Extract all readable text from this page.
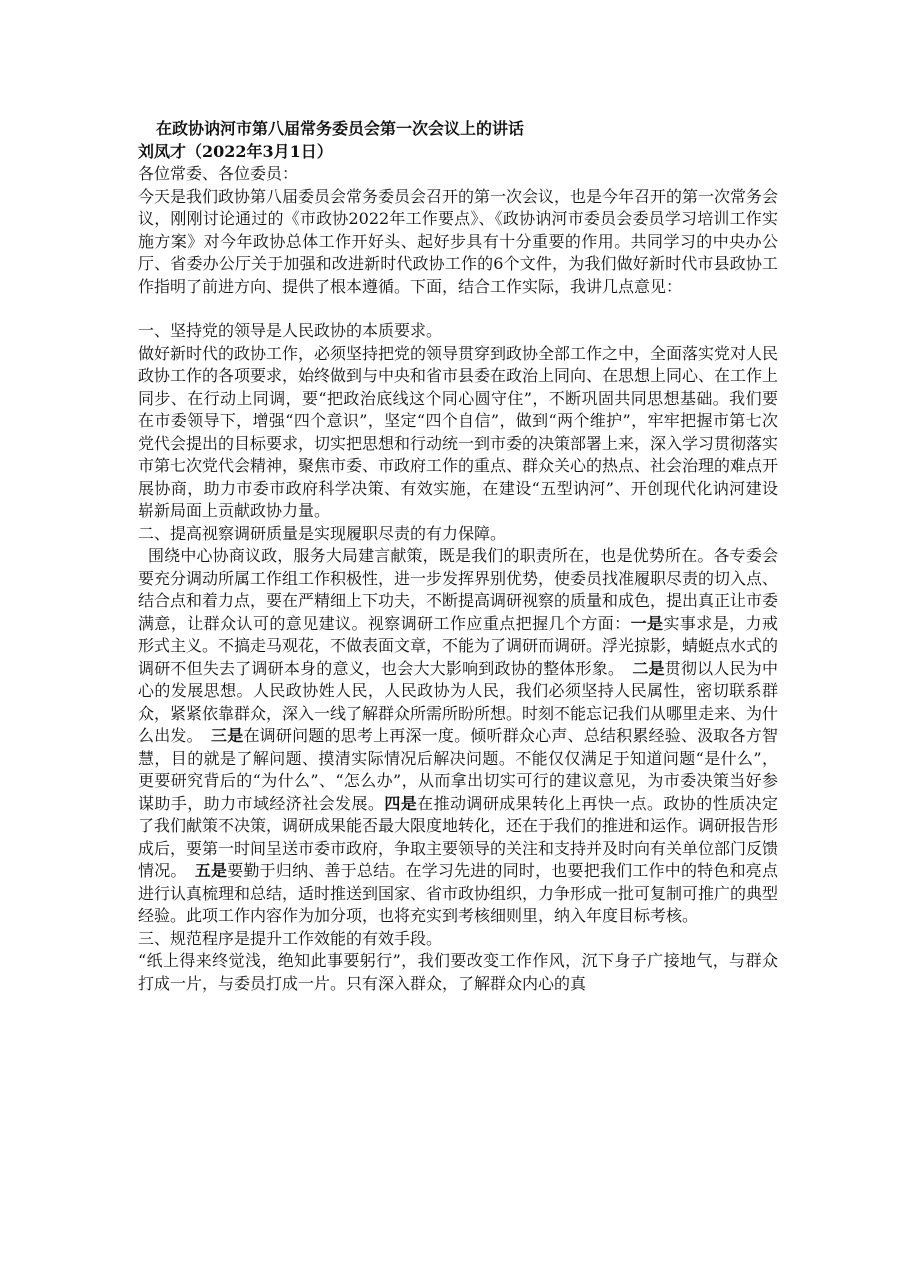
在政协讷河市第八届常务委员会第一次会议上的讲话
刘凤才（2022年3月1日）

各位常委、各位委员：

今天是我们政协第八届委员会常务委员会召开的第一次会议，也是今年召开的第一次常务会议，刚刚讨论通过的《市政协2022年工作要点》、《政协讷河市委员会委员学习培训工作实施方案》对今年政协总体工作开好头、起好步具有十分重要的作用。共同学习的中央办公厅、省委办公厅关于加强和改进新时代政协工作的6个文件，为我们做好新时代市县政协工作指明了前进方向、提供了根本遵循。下面，结合工作实际，我讲几点意见：

一、坚持党的领导是人民政协的本质要求。

做好新时代的政协工作，必须坚持把党的领导贯穿到政协全部工作之中，全面落实党对人民政协工作的各项要求，始终做到与中央和省市县委在政治上同向、在思想上同心、在工作上同步、在行动上同调，要“把政治底线这个同心圆守住”，不断巩固共同思想基础。我们要在市委领导下，增强“四个意识”，坚定“四个自信”，做到“两个维护”，牢牢把握市第七次党代会提出的目标要求，切实把思想和行动统一到市委的决策部署上来，深入学习贯彻落实市第七次党代会精神，聚焦市委、市政府工作的重点、群众关心的热点、社会治理的难点开展协商，助力市委市政府科学决策、有效实施，在建设“五型讷河”、开创现代化讷河建设崭新局面上贡献政协力量。

二、提高视察调研质量是实现履职尽责的有力保障。

围绕中心协商议政，服务大局建言献策，既是我们的职责所在，也是优势所在。各专委会要充分调动所属工作组工作积极性，进一步发挥界别优势，使委员找准履职尽责的切入点、结合点和着力点，要在严精细上下功夫，不断提高调研视察的质量和成色，提出真正让市委满意，让群众认可的意见建议。视察调研工作应重点把握几个方面：一是实事求是，力戒形式主义。不搞走马观花，不做表面文章，不能为了调研而调研。浮光掠影，蜻蜓点水式的调研不但失去了调研本身的意义，也会大大影响到政协的整体形象。　二是贯彻以人民为中心的发展思想。人民政协姓人民，人民政协为人民，我们必须坚持人民属性，密切联系群众，紧紧依靠群众，深入一线了解群众所需所盼所想。时刻不能忘记我们从哪里走来、为什么出发。　三是在调研问题的思考上再深一度。倾听群众心声、总结积累经验、汲取各方智慧，目的就是了解问题、摸清实际情况后解决问题。不能仅仅满足于知道问题“是什么”，更要研究背后的“为什么”、“怎么办”，从而拿出切实可行的建议意见，为市委决策当好参谋助手，助力市域经济社会发展。四是在推动调研成果转化上再快一点。政协的性质决定了我们献策不决策，调研成果能否最大限度地转化，还在于我们的推进和运作。调研报告形成后，要第一时间呈送市委市政府，争取主要领导的关注和支持并及时向有关单位部门反馈情况。　五是要勤于归纳、善于总结。在学习先进的同时，也要把我们工作中的特色和亮点进行认真梳理和总结，适时推送到国家、省市政协组织，力争形成一批可复制可推广的典型经验。此项工作内容作为加分项，也将充实到考核细则里，纳入年度目标考核。

三、规范程序是提升工作效能的有效手段。

“纸上得来终觉浅，绝知此事要躬行”，我们要改变工作作风，沉下身子广接地气，与群众打成一片，与委员打成一片。只有深入群众，了解群众内心的真
